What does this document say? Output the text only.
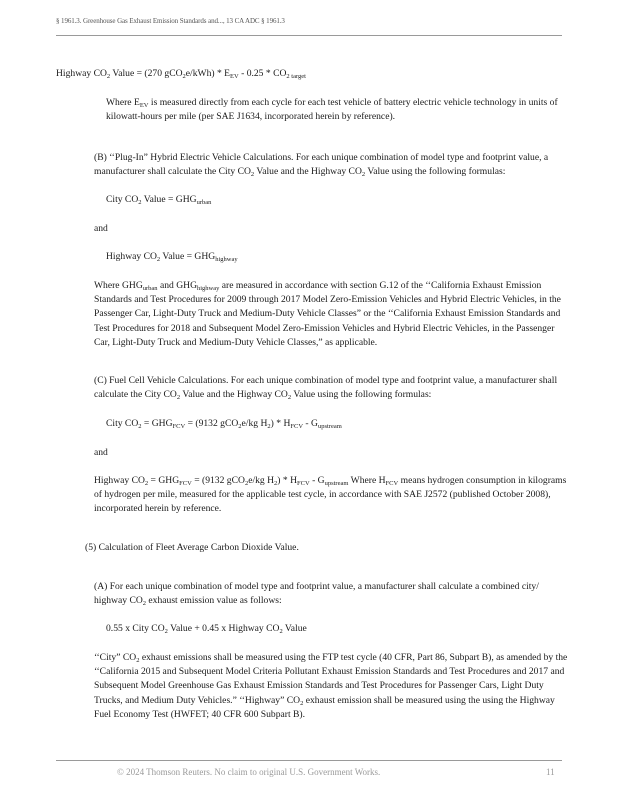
§ 1961.3. Greenhouse Gas Exhaust Emission Standards and..., 13 CA ADC § 1961.3
Highway $CO_2$ Value = (270 $gCO_2e/kWh) * E_{EV} - 0.25 * CO_{2 target}$
Where $E_{EV}$ is measured directly from each cycle for each test vehicle of battery electric vehicle technology in units of kilowatt-hours per mile (per SAE J1634, incorporated herein by reference).
(B) ‘‘Plug-In” Hybrid Electric Vehicle Calculations. For each unique combination of model type and footprint value, a manufacturer shall calculate the City $CO_2$ Value and the Highway $CO_2$ Value using the following formulas:
City $CO_2$ Value = $GHG_{urban}$
and
Highway $CO_2$ Value = $GHG_{highway}$
Where $GHG_{urban}$ and $GHG_{highway}$ are measured in accordance with section G.12 of the ‘‘California Exhaust Emission Standards and Test Procedures for 2009 through 2017 Model Zero-Emission Vehicles and Hybrid Electric Vehicles, in the Passenger Car, Light-Duty Truck and Medium-Duty Vehicle Classes” or the ‘‘California Exhaust Emission Standards and Test Procedures for 2018 and Subsequent Model Zero-Emission Vehicles and Hybrid Electric Vehicles, in the Passenger Car, Light-Duty Truck and Medium-Duty Vehicle Classes,” as applicable.
(C) Fuel Cell Vehicle Calculations. For each unique combination of model type and footprint value, a manufacturer shall calculate the City $CO_2$ Value and the Highway $CO_2$ Value using the following formulas:
City $CO_2 = GHG_{FCV} = (9132$ gCO$_2$e/kg $H_2) * H_{FCV} - G_{upstream}$
and
Highway $CO_2 = GHG_{FCV} = (9132$ gCO$_2$e/kg $H_2) * H_{FCV} - G_{upstream}$ Where $H_{FCV}$ means hydrogen consumption in kilograms of hydrogen per mile, measured for the applicable test cycle, in accordance with SAE J2572 (published October 2008), incorporated herein by reference.
(5) Calculation of Fleet Average Carbon Dioxide Value.
(A) For each unique combination of model type and footprint value, a manufacturer shall calculate a combined city/ highway $CO_2$ exhaust emission value as follows:
0.55 x City $CO_2$ Value + 0.45 x Highway $CO_2$ Value
‘‘City” $CO_2$ exhaust emissions shall be measured using the FTP test cycle (40 CFR, Part 86, Subpart B), as amended by the ‘‘California 2015 and Subsequent Model Criteria Pollutant Exhaust Emission Standards and Test Procedures and 2017 and Subsequent Model Greenhouse Gas Exhaust Emission Standards and Test Procedures for Passenger Cars, Light Duty Trucks, and Medium Duty Vehicles.” ‘‘Highway” $CO_2$ exhaust emission shall be measured using the using the Highway Fuel Economy Test (HWFET; 40 CFR 600 Subpart B).
© 2024 Thomson Reuters. No claim to original U.S. Government Works.	11
